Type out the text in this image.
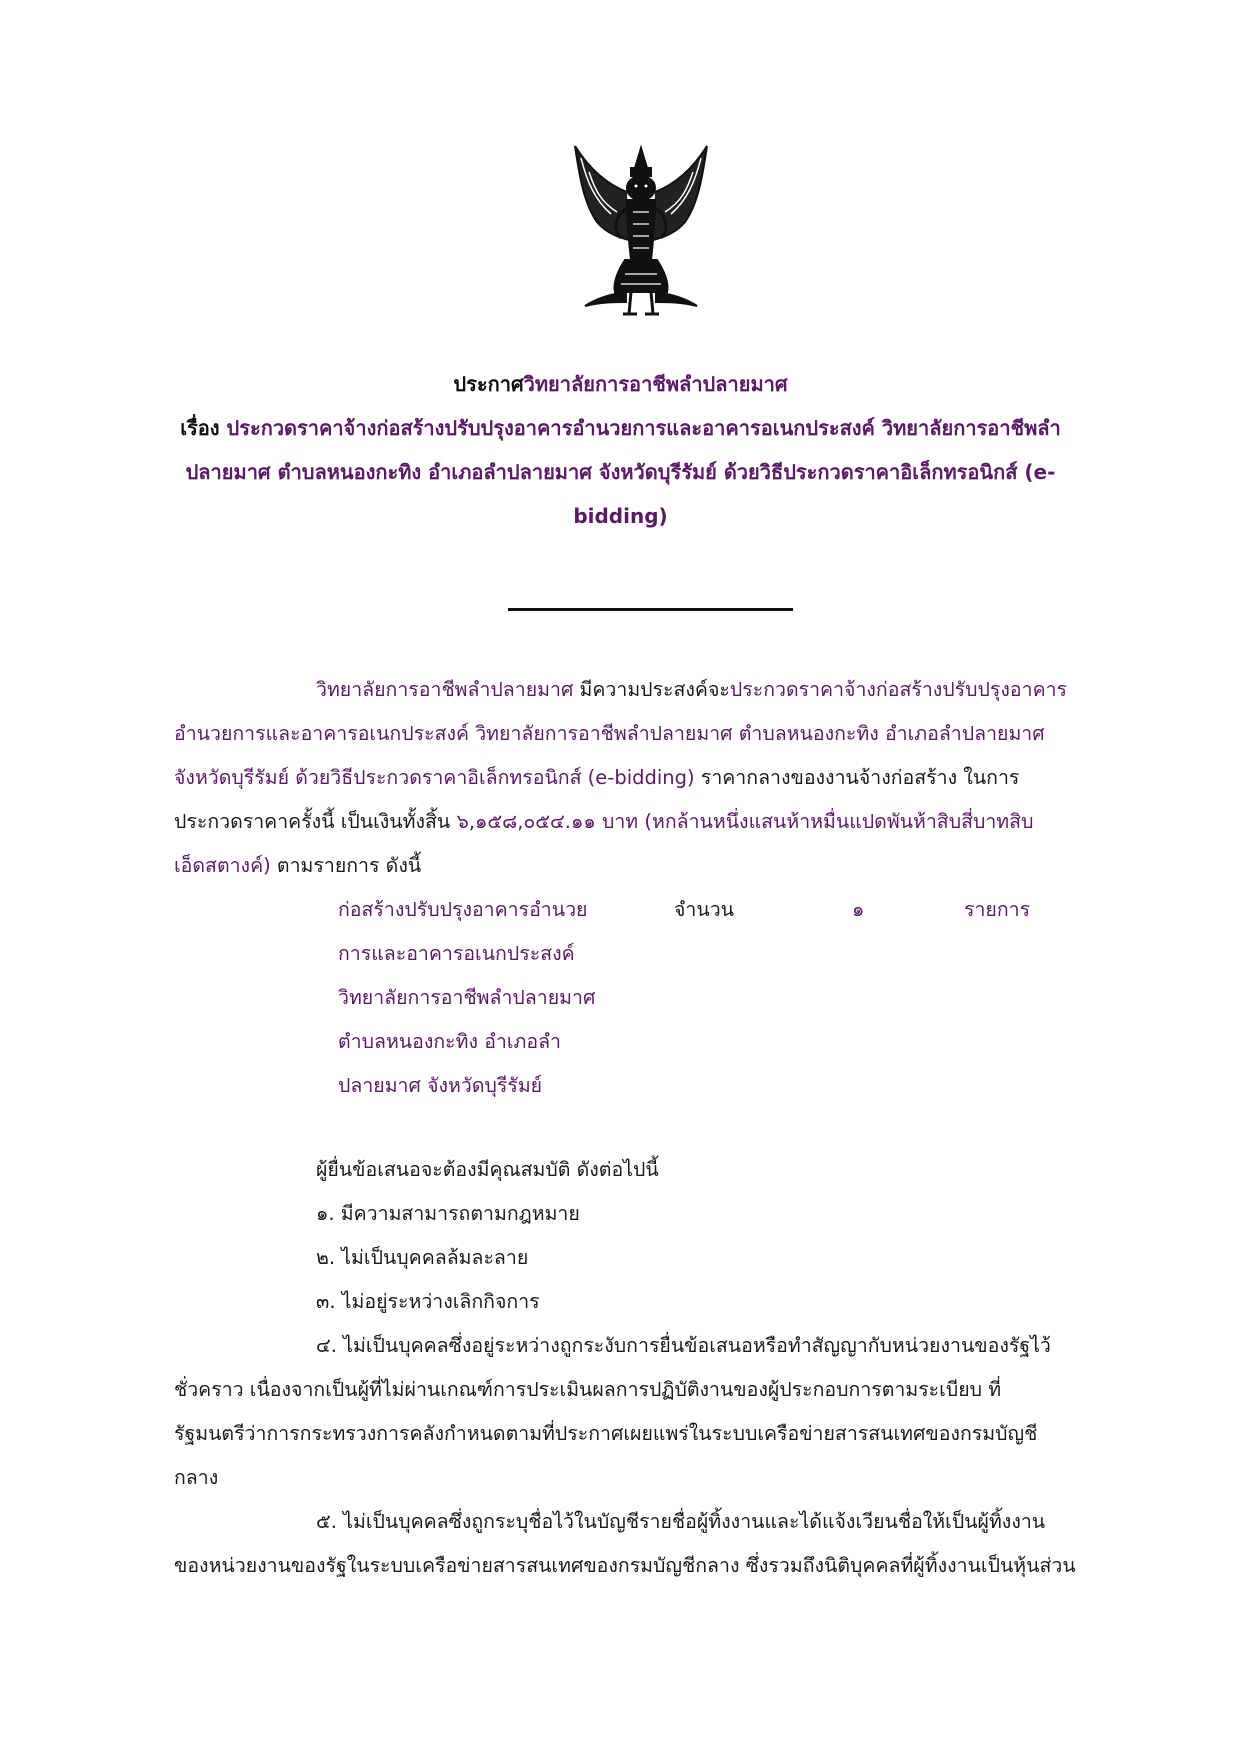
ประกาศวิทยาลัยการอาชีพลำปลายมาศ
เรื่อง ประกวดราคาจ้างก่อสร้างปรับปรุงอาคารอำนวยการและอาคารอเนกประสงค์ วิทยาลัยการอาชีพลำ
ปลายมาศ ตำบลหนองกะทิง อำเภอลำปลายมาศ จังหวัดบุรีรัมย์ ด้วยวิธีประกวดราคาอิเล็กทรอนิกส์ (e-
bidding)
วิทยาลัยการอาชีพลำปลายมาศ มีความประสงค์จะประกวดราคาจ้างก่อสร้างปรับปรุงอาคาร
อำนวยการและอาคารอเนกประสงค์ วิทยาลัยการอาชีพลำปลายมาศ ตำบลหนองกะทิง อำเภอลำปลายมาศ
จังหวัดบุรีรัมย์ ด้วยวิธีประกวดราคาอิเล็กทรอนิกส์ (e-bidding) ราคากลางของงานจ้างก่อสร้าง ในการ
ประกวดราคาครั้งนี้ เป็นเงินทั้งสิ้น ๖,๑๕๘,๐๕๔.๑๑ บาท (หกล้านหนึ่งแสนห้าหมื่นแปดพันห้าสิบสี่บาทสิบ
เอ็ดสตางค์) ตามรายการ ดังนี้
ก่อสร้างปรับปรุงอาคารอำนวย
การและอาคารอเนกประสงค์
วิทยาลัยการอาชีพลำปลายมาศ
ตำบลหนองกะทิง อำเภอลำ
ปลายมาศ จังหวัดบุรีรัมย์
จำนวน	๑	รายการ
ผู้ยื่นข้อเสนอจะต้องมีคุณสมบัติ ดังต่อไปนี้
๑. มีความสามารถตามกฎหมาย
๒. ไม่เป็นบุคคลล้มละลาย
๓. ไม่อยู่ระหว่างเลิกกิจการ
๔. ไม่เป็นบุคคลซึ่งอยู่ระหว่างถูกระงับการยื่นข้อเสนอหรือทำสัญญากับหน่วยงานของรัฐไว้
ชั่วคราว เนื่องจากเป็นผู้ที่ไม่ผ่านเกณฑ์การประเมินผลการปฏิบัติงานของผู้ประกอบการตามระเบียบ ที่
รัฐมนตรีว่าการกระทรวงการคลังกำหนดตามที่ประกาศเผยแพร่ในระบบเครือข่ายสารสนเทศของกรมบัญชี
กลาง
๕. ไม่เป็นบุคคลซึ่งถูกระบุชื่อไว้ในบัญชีรายชื่อผู้ทิ้งงานและได้แจ้งเวียนชื่อให้เป็นผู้ทิ้งงาน
ของหน่วยงานของรัฐในระบบเครือข่ายสารสนเทศของกรมบัญชีกลาง ซึ่งรวมถึงนิติบุคคลที่ผู้ทิ้งงานเป็นหุ้นส่วน
